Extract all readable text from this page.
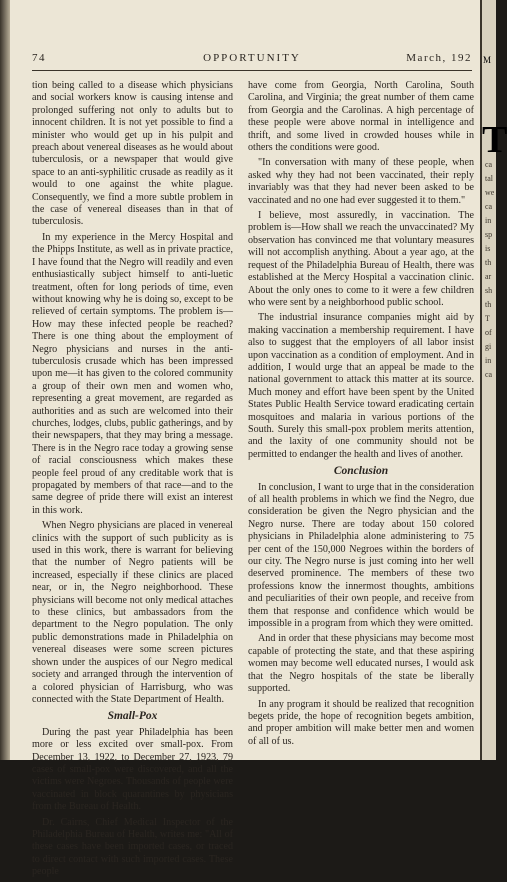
74	OPPORTUNITY	March, 192

tion being called to a disease which physicians and social workers know is causing intense and prolonged suffering not only to adults but to innocent children. It is not yet possible to find a minister who would get up in his pulpit and preach about venereal diseases as he would about tuberculosis, or a newspaper that would give space to an anti-syphilitic crusade as readily as it would to one against the white plague. Consequently, we find a more subtle problem in the case of venereal diseases than in that of tuberculosis.

In my experience in the Mercy Hospital and the Phipps Institute, as well as in private practice, I have found that the Negro will readily and even enthusiastically subject himself to anti-luetic treatment, often for long periods of time, even without knowing why he is doing so, except to be relieved of certain symptoms. The problem is—How may these infected people be reached? There is one thing about the employment of Negro physicians and nurses in the anti-tuberculosis crusade which has been impressed upon me—it has given to the colored community a group of their own men and women who, representing a great movement, are regarded as authorities and as such are welcomed into their churches, lodges, clubs, public gatherings, and by their newspapers, that they may bring a message. There is in the Negro race today a growing sense of racial consciousness which makes these people feel proud of any creditable work that is propagated by members of that race—and to the same degree of pride there will exist an interest in this work.

When Negro physicians are placed in venereal clinics with the support of such publicity as is used in this work, there is warrant for believing that the number of Negro patients will be increased, especially if these clinics are placed near, or in, the Negro neighborhood. These physicians will become not only medical attaches to these clinics, but ambassadors from the department to the Negro population. The only public demonstrations made in Philadelphia on venereal diseases were some screen pictures shown under the auspices of our Negro medical society and arranged through the intervention of a colored physician of Harrisburg, who was connected with the State Department of Health.

Small-Pox

During the past year Philadelphia has been more or less excited over small-pox. From December 13, 1922, to December 27, 1923, 79 cases of small-pox were discovered, and all the victims were Negroes. Thousands of people were vaccinated in block quarantines by physicians from the Bureau of Health.

Dr. Cairns, Chief Medical Inspector of the Philadelphia Bureau of Health, writes me: "All of these cases have been imported cases, or traced to direct contact with such imported cases. These people

have come from Georgia, North Carolina, South Carolina, and Virginia; the great number of them came from Georgia and the Carolinas. A high percentage of these people were above normal in intelligence and thrift, and some lived in crowded houses while in others the conditions were good.

"In conversation with many of these people, when asked why they had not been vaccinated, their reply invariably was that they had never been asked to be vaccinated and no one had ever suggested it to them."

I believe, most assuredly, in vaccination. The problem is—How shall we reach the unvaccinated? My observation has convinced me that voluntary measures will not accomplish anything. About a year ago, at the request of the Philadelphia Bureau of Health, there was established at the Mercy Hospital a vaccination clinic. About the only ones to come to it were a few children who were sent by a neighborhood public school.

The industrial insurance companies might aid by making vaccination a membership requirement. I have also to suggest that the employers of all labor insist upon vaccination as a condition of employment. And in addition, I would urge that an appeal be made to the national government to attack this matter at its source. Much money and effort have been spent by the United States Public Health Service toward eradicating certain mosquitoes and malaria in various portions of the South. Surely this small-pox problem merits attention, and the laxity of one community should not be permitted to endanger the health and lives of another.

Conclusion

In conclusion, I want to urge that in the consideration of all health problems in which we find the Negro, due consideration be given the Negro physician and the Negro nurse. There are today about 150 colored physicians in Philadelphia alone administering to 75 per cent of the 150,000 Negroes within the borders of our city. The Negro nurse is just coming into her well deserved prominence. The members of these two professions know the innermost thoughts, ambitions and peculiarities of their own people, and receive from them that response and confidence which would be impossible in a program from which they were omitted.

And in order that these physicians may become most capable of protecting the state, and that these aspiring women may become well educated nurses, I would ask that the Negro hospitals of the state be liberally supported.

In any program it should be realized that recognition begets pride, the hope of recognition begets ambition, and proper ambition will make better men and women of all of us.

M
T
ca
tal
we
ca
in
sp
is
th
ar
sh
th
T
of
gi
in
ca
